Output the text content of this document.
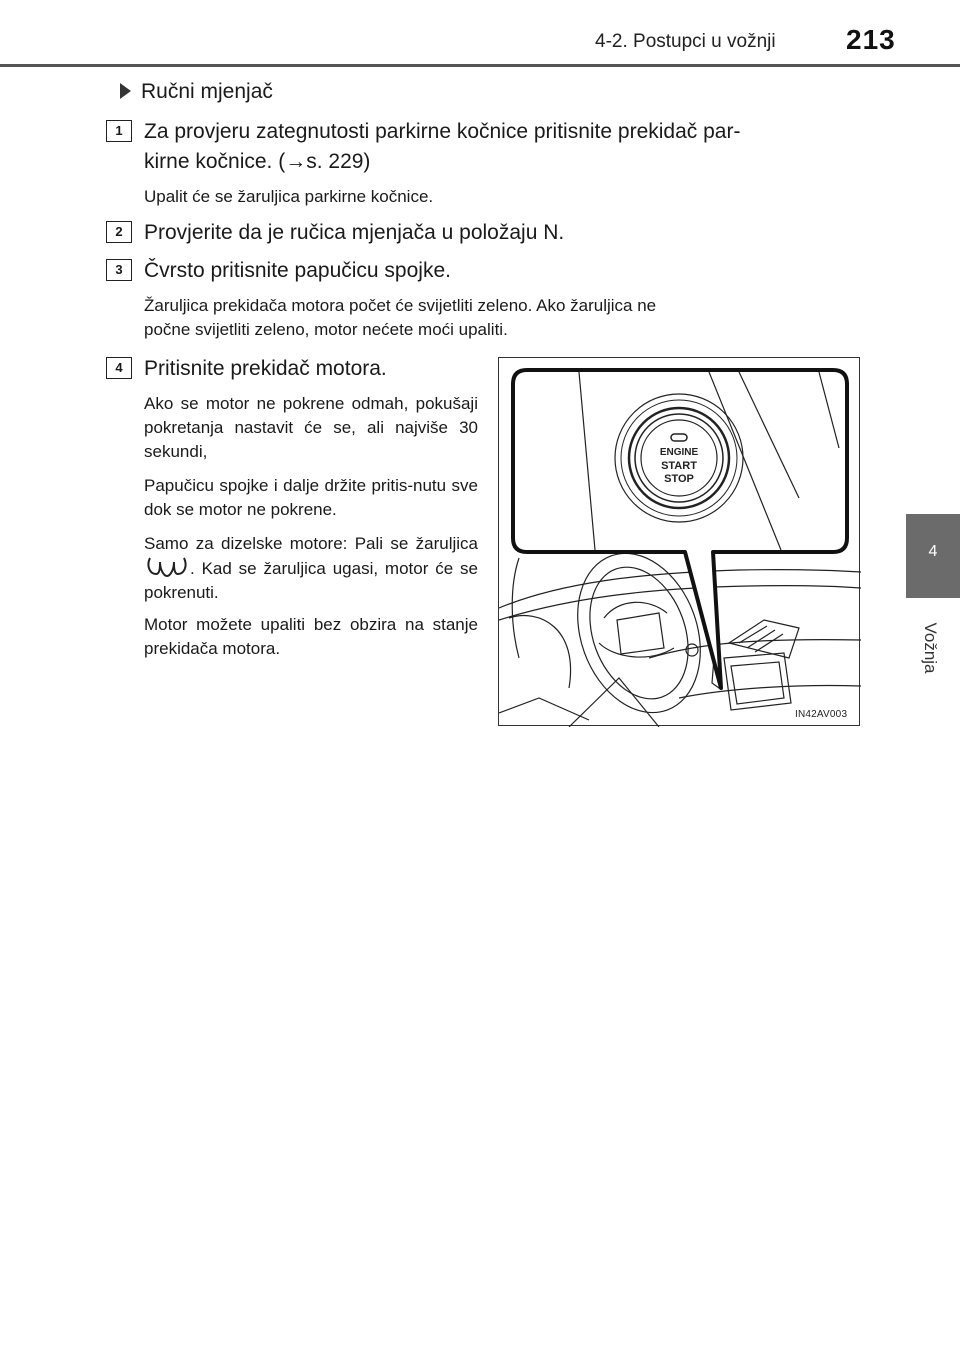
4-2. Postupci u vožnji	213
4
Vožnja
Ručni mjenjač
1	Za provjeru zategnutosti parkirne kočnice pritisnite prekidač par-
kirne kočnice. (→s. 229)
Upalit će se žaruljica parkirne kočnice.
2	Provjerite da je ručica mjenjača u položaju N.
3	Čvrsto pritisnite papučicu spojke.
Žaruljica prekidača motora počet će svijetliti zeleno. Ako žaruljica ne
počne svijetliti zeleno, motor nećete moći upaliti.
4	Pritisnite prekidač motora.
Ako se motor ne pokrene odmah, pokušaji pokretanja nastavit će se, ali najviše 30 sekundi,
Papučicu spojke i dalje držite pritis-nutu sve dok se motor ne pokrene.
Samo za dizelske motore: Pali se žaruljica . Kad se žaruljica ugasi, motor će se pokrenuti.
Motor možete upaliti bez obzira na stanje prekidača motora.
ENGINE
START
STOP
IN42AV003
